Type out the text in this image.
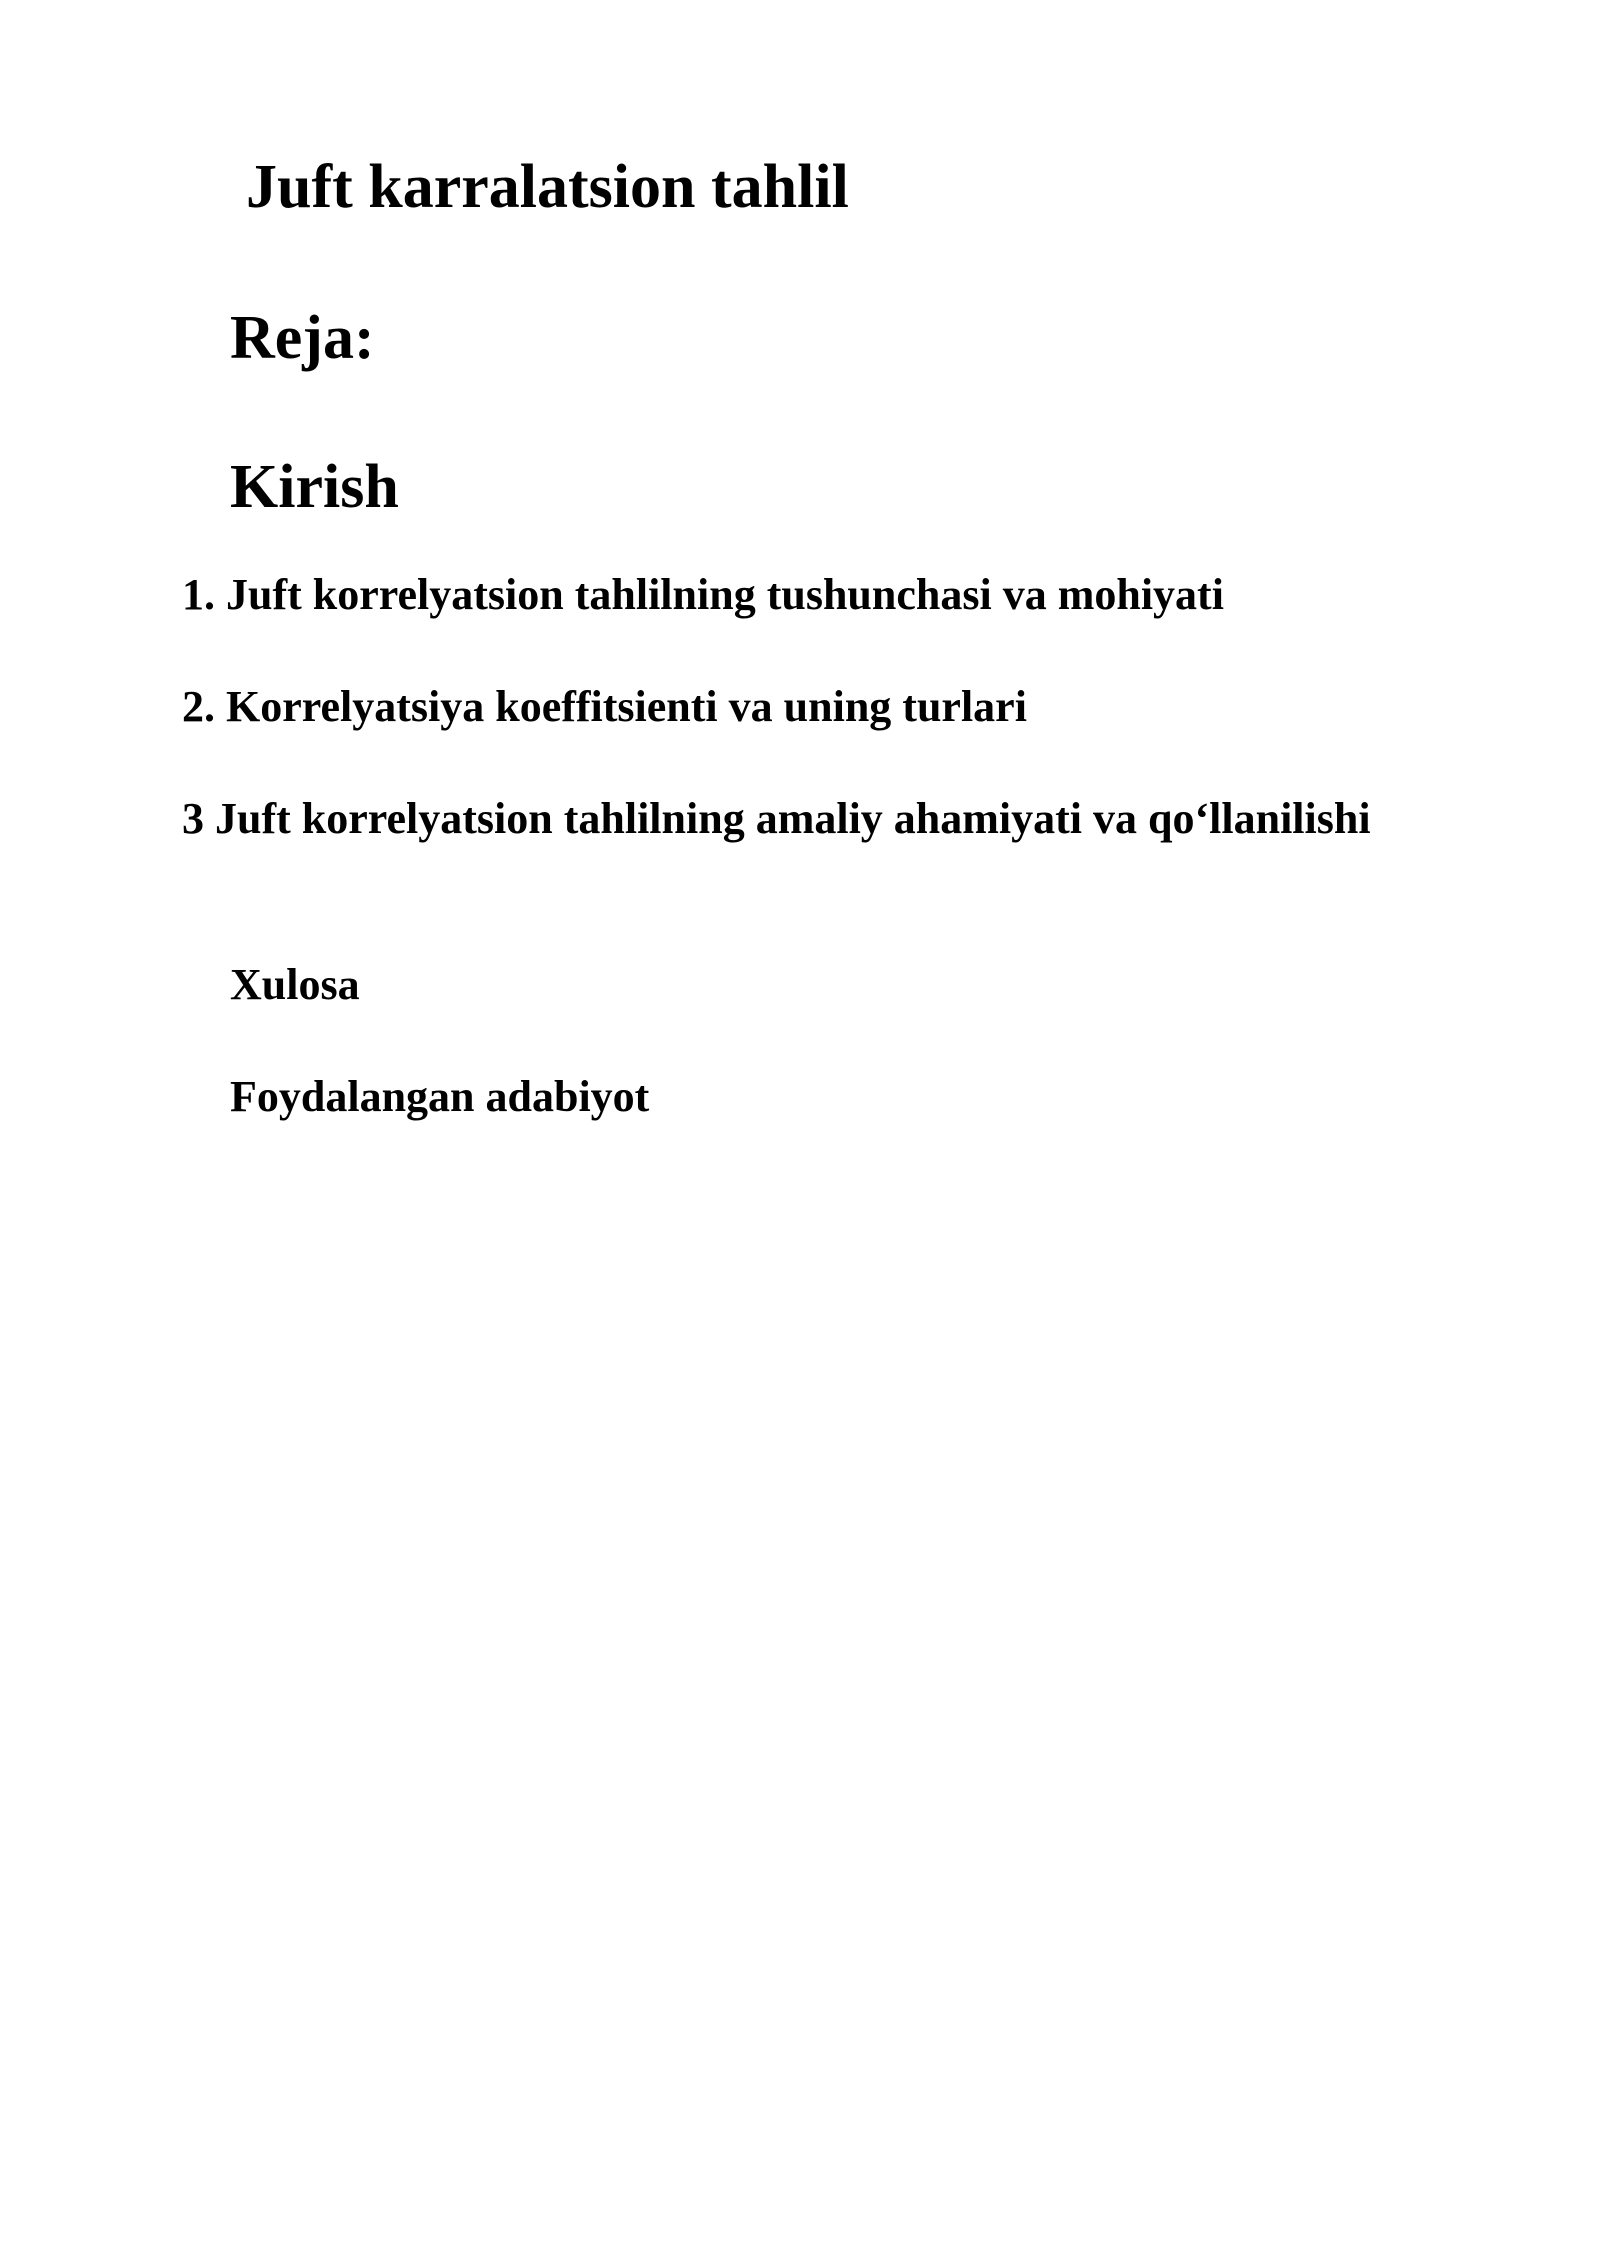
Juft karralatsion tahlil
Reja:
Kirish

1. Juft korrelyatsion tahlilning tushunchasi va mohiyati

2. Korrelyatsiya koeffitsienti va uning turlari

3 Juft korrelyatsion tahlilning amaliy ahamiyati va qo‘llanilishi

Xulosa

Foydalangan adabiyot
